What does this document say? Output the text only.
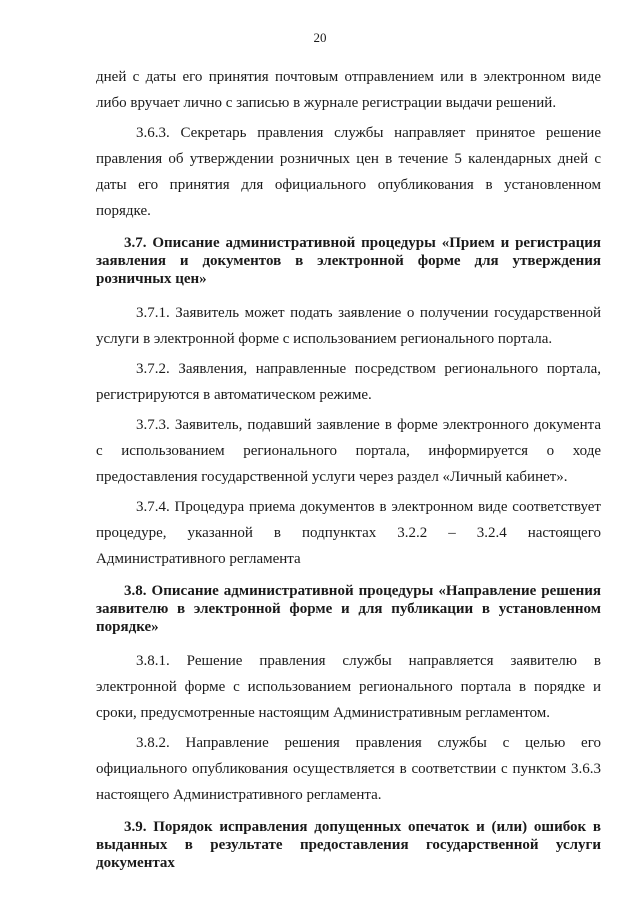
20

дней с даты его принятия почтовым отправлением или в электронном виде либо вручает лично с записью в журнале регистрации выдачи решений.

3.6.3. Секретарь правления службы направляет принятое решение правления об утверждении розничных цен в течение 5 календарных дней с даты его принятия для официального опубликования в установленном порядке.

3.7. Описание административной процедуры «Прием и регистрация заявления и документов в электронной форме для утверждения розничных цен»

3.7.1. Заявитель может подать заявление о получении государственной услуги в электронной форме с использованием регионального портала.

3.7.2. Заявления, направленные посредством регионального портала, регистрируются в автоматическом режиме.

3.7.3. Заявитель, подавший заявление в форме электронного документа с использованием регионального портала, информируется о ходе предоставления государственной услуги через раздел «Личный кабинет».

3.7.4. Процедура приема документов в электронном виде соответствует процедуре, указанной в подпунктах 3.2.2 – 3.2.4 настоящего Административного регламента

3.8. Описание административной процедуры «Направление решения заявителю в электронной форме и для публикации в установленном порядке»

3.8.1. Решение правления службы направляется заявителю в электронной форме с использованием регионального портала в порядке и сроки, предусмотренные настоящим Административным регламентом.

3.8.2. Направление решения правления службы с целью его официального опубликования осуществляется в соответствии с пунктом 3.6.3 настоящего Административного регламента.

3.9. Порядок исправления допущенных опечаток и (или) ошибок в выданных в результате предоставления государственной услуги документах
